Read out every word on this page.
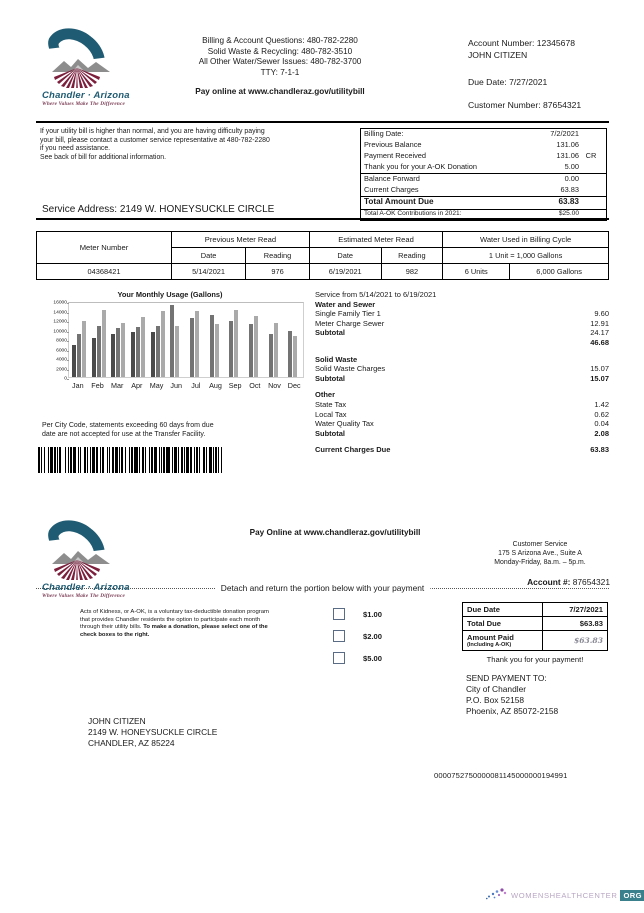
Chandler · Arizona
Where Values Make The Difference
Billing & Account Questions: 480-782-2280
Solid Waste & Recycling: 480-782-3510
All Other Water/Sewer Issues: 480-782-3700
TTY: 7-1-1
Pay online at www.chandleraz.gov/utilitybill
Account Number: 12345678
JOHN CITIZEN
Due Date: 7/27/2021
Customer Number: 87654321
If your utility bill is higher than normal, and you are having difficulty paying
your bill, please contact a customer service representative at 480-782-2280
if you need assistance.
See back of bill for additional information.
Billing Date:	7/2/2021
Previous Balance	131.06
Payment Received	131.06 CR
Thank you for your A-OK Donation	5.00
Balance Forward	0.00
Current Charges	63.83
Total Amount Due	63.83
Total A-OK Contributions in 2021:	$25.00
Service Address: 2149 W. HONEYSUCKLE CIRCLE
Meter Number	Previous Meter Read		Estimated Meter Read		Water Used in Billing Cycle	
	Date	Reading	Date	Reading	1 Unit = 1,000 Gallons	
04368421	5/14/2021	976	6/19/2021	982	6 Units	6,000 Gallons
Your Monthly Usage (Gallons)
0
2000
4000
6000
8000
10000
12000
14000
16000
Jan Feb Mar Apr May Jun Jul Aug Sep Oct Nov Dec
Per City Code, statements exceeding 60 days from due
date are not accepted for use at the Transfer Facility.
Service from 5/14/2021 to 6/19/2021
Water and Sewer
Single Family Tier 1	9.60
Meter Charge Sewer	12.91
Subtotal	24.17
46.68
Solid Waste
Solid Waste Charges	15.07
Subtotal	15.07
Other
State Tax	1.42
Local Tax	0.62
Water Quality Tax	0.04
Subtotal	2.08
Current Charges Due	63.83
Detach and return the portion below with your payment
Chandler · Arizona
Where Values Make The Difference
Pay Online at www.chandleraz.gov/utilitybill
Customer Service
175 S Arizona Ave., Suite A
Monday-Friday, 8a.m. – 5p.m.
Account #: 87654321
Acts of Kidness, or A-OK, is a voluntary tax-deductible donation program that provides Chandler residents the option to participate each month through their utility bills. To make a donation, please select one of the check boxes to the right.
$1.00
$2.00
$5.00
Due Date	7/27/2021
Total Due	$63.83
Amount Paid
(Including A-OK)	$63.83
Thank you for your payment!
SEND PAYMENT TO:
City of Chandler
P.O. Box 52158
Phoenix, AZ 85072-2158
JOHN CITIZEN
2149 W. HONEYSUCKLE CIRCLE
CHANDLER, AZ 85224
0000752750000081145000000194991
WOMENSHEALTHCENTER ORG
